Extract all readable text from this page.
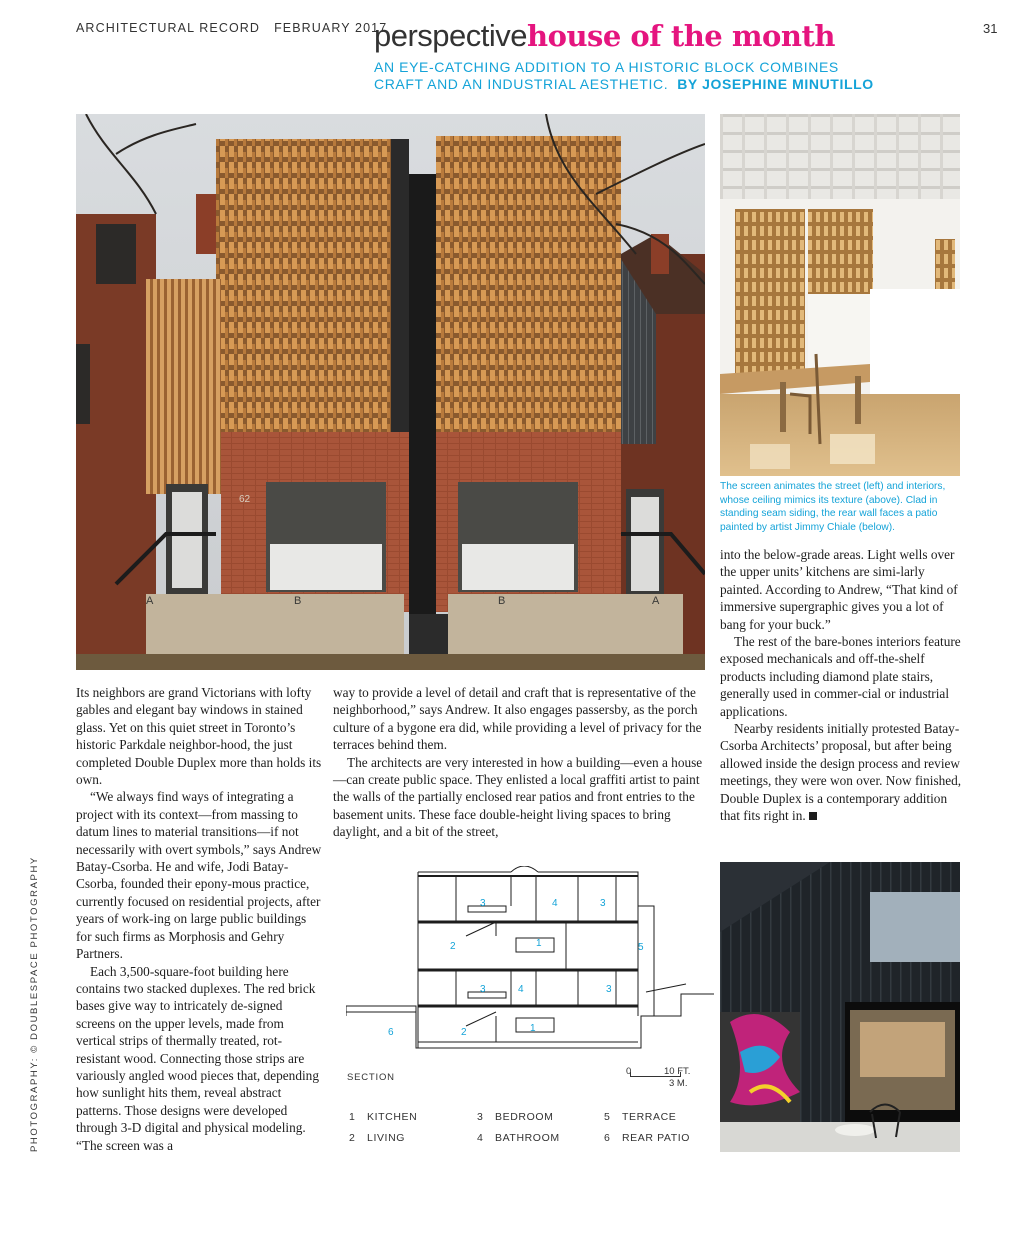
ARCHITECTURAL RECORD FEBRUARY 2017	31
perspectivehouse of the month
AN EYE-CATCHING ADDITION TO A HISTORIC BLOCK COMBINES
CRAFT AND AN INDUSTRIAL AESTHETIC. BY JOSEPHINE MINUTILLO
A	B	B	A
62
The screen animates the street (left) and interiors, whose ceiling mimics its texture (above). Clad in standing seam siding, the rear wall faces a patio painted by artist Jimmy Chiale (below).

Its neighbors are grand Victorians with lofty gables and elegant bay windows in stained glass. Yet on this quiet street in Toronto’s historic Parkdale neighbor-hood, the just completed Double Duplex more than holds its own.

“We always find ways of integrating a project with its context—from massing to datum lines to material transitions—if not necessarily with overt symbols,” says Andrew Batay-Csorba. He and wife, Jodi Batay-Csorba, founded their epony-mous practice, currently focused on residential projects, after years of work-ing on large public buildings for such firms as Morphosis and Gehry Partners.

Each 3,500-square-foot building here contains two stacked duplexes. The red brick bases give way to intricately de-signed screens on the upper levels, made from vertical strips of thermally treated, rot-resistant wood. Connecting those strips are variously angled wood pieces that, depending how sunlight hits them, reveal abstract patterns. Those designs were developed through 3-D digital and physical modeling. “The screen was a

way to provide a level of detail and craft that is representative of the neighborhood,” says Andrew. It also engages passersby, as the porch culture of a bygone era did, while providing a level of privacy for the terraces behind them.

The architects are very interested in how a building—even a house—can create public space. They enlisted a local graffiti artist to paint the walls of the partially enclosed rear patios and front entries to the basement units. These face double-height living spaces to bring daylight, and a bit of the street,

into the below-grade areas. Light wells over the upper units’ kitchens are simi-larly painted. According to Andrew, “That kind of immersive supergraphic gives you a lot of bang for your buck.”

The rest of the bare-bones interiors feature exposed mechanicals and off-the-shelf products including diamond plate stairs, generally used in commer-cial or industrial applications.

Nearby residents initially protested Batay-Csorba Architects’ proposal, but after being allowed inside the design process and review meetings, they were won over. Now finished, Double Duplex is a contemporary addition that fits right in.

PHOTOGRAPHY: © DOUBLESPACE PHOTOGRAPHY	3	4	3
1
2	5
3	4	3
1
2
6
SECTION
0	10 FT.
3 M.
1 KITCHEN
2 LIVING
3 BEDROOM
4 BATHROOM
5 TERRACE
6 REAR PATIO
